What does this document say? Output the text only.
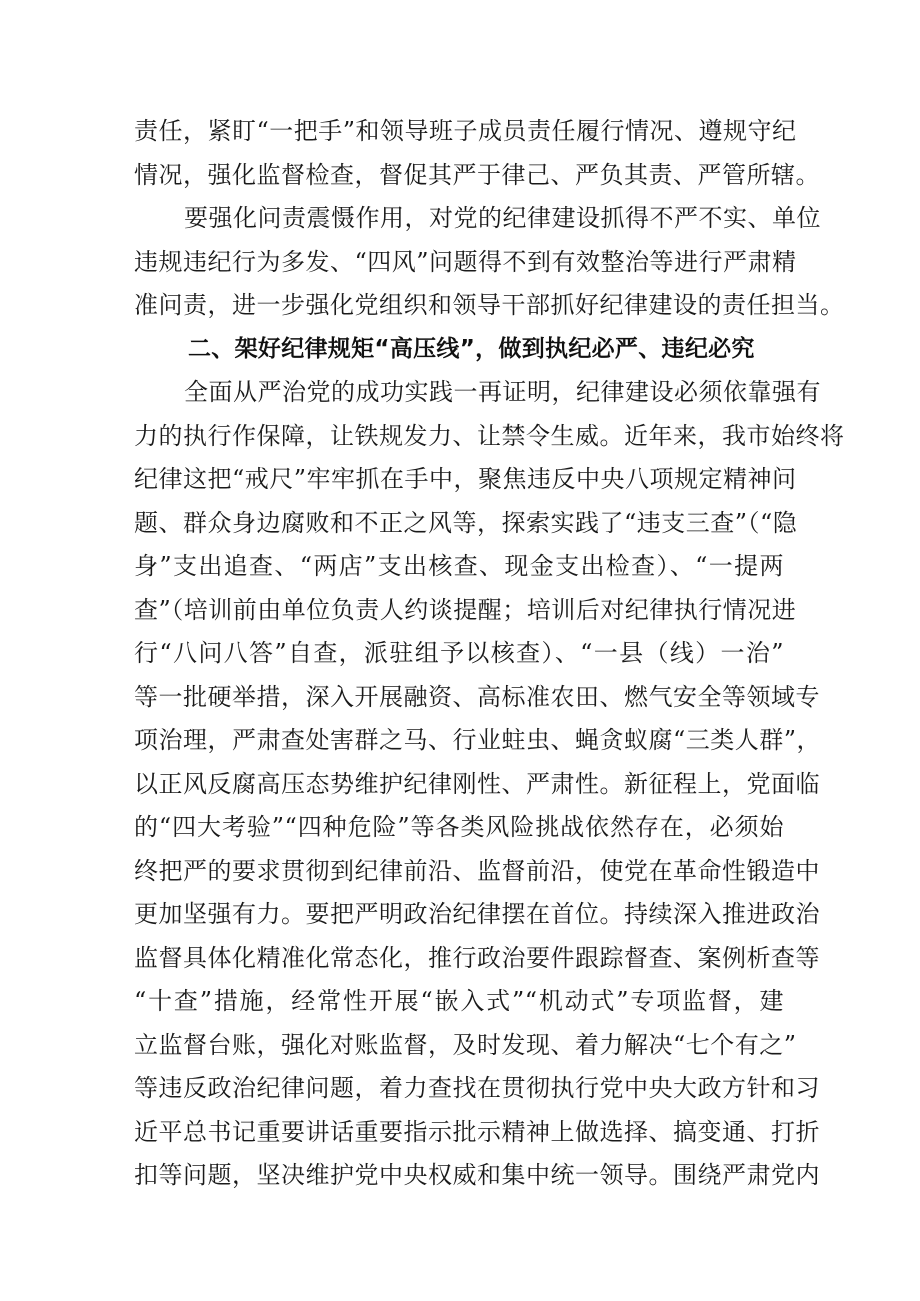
责任，紧盯“一把手”和领导班子成员责任履行情况、遵规守纪
情况，强化监督检查，督促其严于律己、严负其责、严管所辖。
要强化问责震慑作用，对党的纪律建设抓得不严不实、单位
违规违纪行为多发、“四风”问题得不到有效整治等进行严肃精
准问责，进一步强化党组织和领导干部抓好纪律建设的责任担当。
二、架好纪律规矩“高压线”，做到执纪必严、违纪必究
全面从严治党的成功实践一再证明，纪律建设必须依靠强有
力的执行作保障，让铁规发力、让禁令生威。近年来，我市始终将
纪律这把“戒尺”牢牢抓在手中，聚焦违反中央八项规定精神问
题、群众身边腐败和不正之风等，探索实践了“违支三查”（“隐
身”支出追查、“两店”支出核查、现金支出检查）、“一提两
查”（培训前由单位负责人约谈提醒；培训后对纪律执行情况进
行“八问八答”自查，派驻组予以核查）、“一县（线）一治”
等一批硬举措，深入开展融资、高标准农田、燃气安全等领域专
项治理，严肃查处害群之马、行业蛀虫、蝇贪蚁腐“三类人群”，
以正风反腐高压态势维护纪律刚性、严肃性。新征程上，党面临
的“四大考验”“四种危险”等各类风险挑战依然存在，必须始
终把严的要求贯彻到纪律前沿、监督前沿，使党在革命性锻造中
更加坚强有力。要把严明政治纪律摆在首位。持续深入推进政治
监督具体化精准化常态化，推行政治要件跟踪督查、案例析查等
“十查”措施，经常性开展“嵌入式”“机动式”专项监督，建
立监督台账，强化对账监督，及时发现、着力解决“七个有之”
等违反政治纪律问题，着力查找在贯彻执行党中央大政方针和习
近平总书记重要讲话重要指示批示精神上做选择、搞变通、打折
扣等问题，坚决维护党中央权威和集中统一领导。围绕严肃党内
